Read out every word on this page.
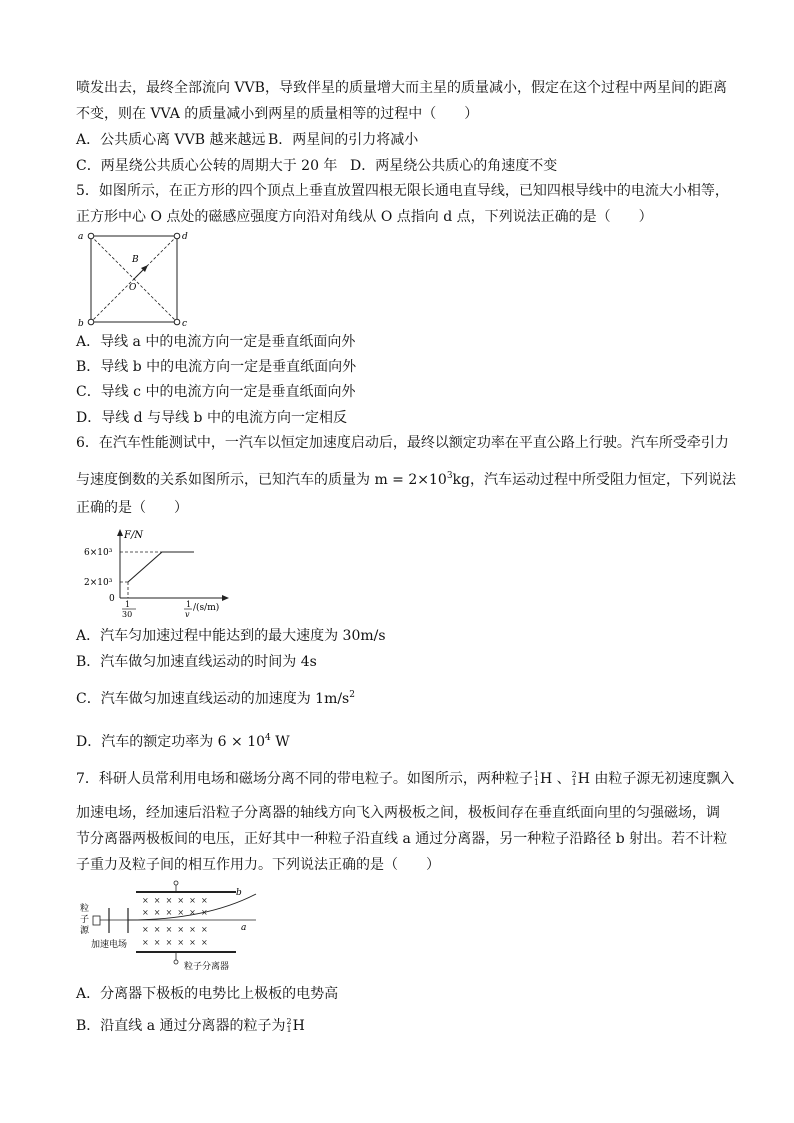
喷发出去，最终全部流向 VVB，导致伴星的质量增大而主星的质量减小，假定在这个过程中两星间的距离
不变，则在 VVA 的质量减小到两星的质量相等的过程中（　　）
A．公共质心离 VVB 越来越远 B．两星间的引力将减小
C．两星绕公共质心公转的周期大于 20 年 D．两星绕公共质心的角速度不变
5．如图所示，在正方形的四个顶点上垂直放置四根无限长通电直导线，已知四根导线中的电流大小相等，
正方形中心 O 点处的磁感应强度方向沿对角线从 O 点指向 d 点，下列说法正确的是（　　）
a	d
b	c
B
O
A．导线 a 中的电流方向一定是垂直纸面向外
B．导线 b 中的电流方向一定是垂直纸面向外
C．导线 c 中的电流方向一定是垂直纸面向外
D．导线 d 与导线 b 中的电流方向一定相反
6．在汽车性能测试中，一汽车以恒定加速度启动后，最终以额定功率在平直公路上行驶。汽车所受牵引力
与速度倒数的关系如图所示，已知汽车的质量为 $m = 2\times 10^3kg$，汽车运动过程中所受阻力恒定，下列说法
正确的是（　　）
F/N
6×10³
2×10³
0
1
30
1
v
/(s/m)
A．汽车匀加速过程中能达到的最大速度为 30m/s
B．汽车做匀加速直线运动的时间为 4s
C．汽车做匀加速直线运动的加速度为 $1m/s^2$
D．汽车的额定功率为 $6 \times 10^4$ W
7．科研人员常利用电场和磁场分离不同的带电粒子。如图所示，两种粒子 1
1 H 、 2
1 H 由粒子源无初速度飘入
加速电场，经加速后沿粒子分离器的轴线方向飞入两极板之间，极板间存在垂直纸面向里的匀强磁场，调
节分离器两极板间的电压，正好其中一种粒子沿直线 a 通过分离器，另一种粒子沿路径 b 射出。若不计粒
子重力及粒子间的相互作用力。下列说法正确的是（　　）
粒
子
源
加速电场
粒子分离器
b
a
×  ×  ×  ×  ×  ×
×  ×  ×  ×  ×  ×
×  ×  ×  ×  ×  ×
×  ×  ×  ×  ×  ×
A．分离器下极板的电势比上极板的电势高
B．沿直线 a 通过分离器的粒子为 2
1 H
